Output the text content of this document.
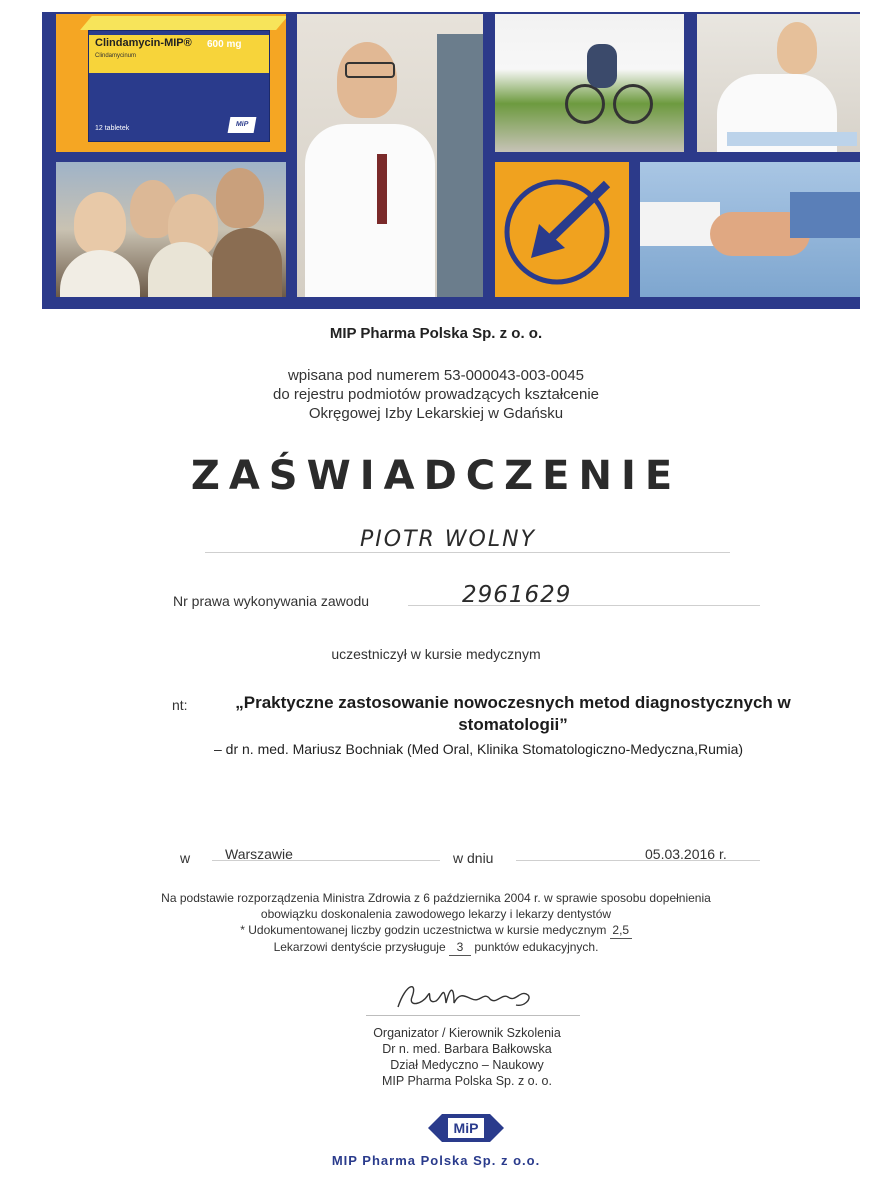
Clindamycin-MIP®
Clindamycinum
600 mg
12 tabletek
MiP
MIP Pharma Polska Sp. z o. o.
wpisana pod numerem 53-000043-003-0045
do rejestru podmiotów prowadzących kształcenie
Okręgowej Izby Lekarskiej w Gdańsku
ZAŚWIADCZENIE
PIOTR WOLNY
Nr prawa wykonywania zawodu	2961629
uczestniczył w kursie medycznym
nt:	„Praktyczne zastosowanie nowoczesnych metod diagnostycznych w
stomatologii”
– dr n. med. Mariusz Bochniak (Med Oral, Klinika Stomatologiczno-Medyczna,Rumia)
w Warszawie	w dniu	05.03.2016 r.
Na podstawie rozporządzenia Ministra Zdrowia z 6 października 2004 r. w sprawie sposobu dopełnienia
obowiązku doskonalenia zawodowego lekarzy i lekarzy dentystów
* Udokumentowanej liczby godzin uczestnictwa w kursie medycznym 2,5
Lekarzowi dentyście przysługuje 3 punktów edukacyjnych.
Organizator / Kierownik Szkolenia
Dr n. med. Barbara Bałkowska
Dział Medyczno – Naukowy
MIP Pharma Polska Sp. z o. o.
MiP
MIP Pharma Polska Sp. z o.o.
